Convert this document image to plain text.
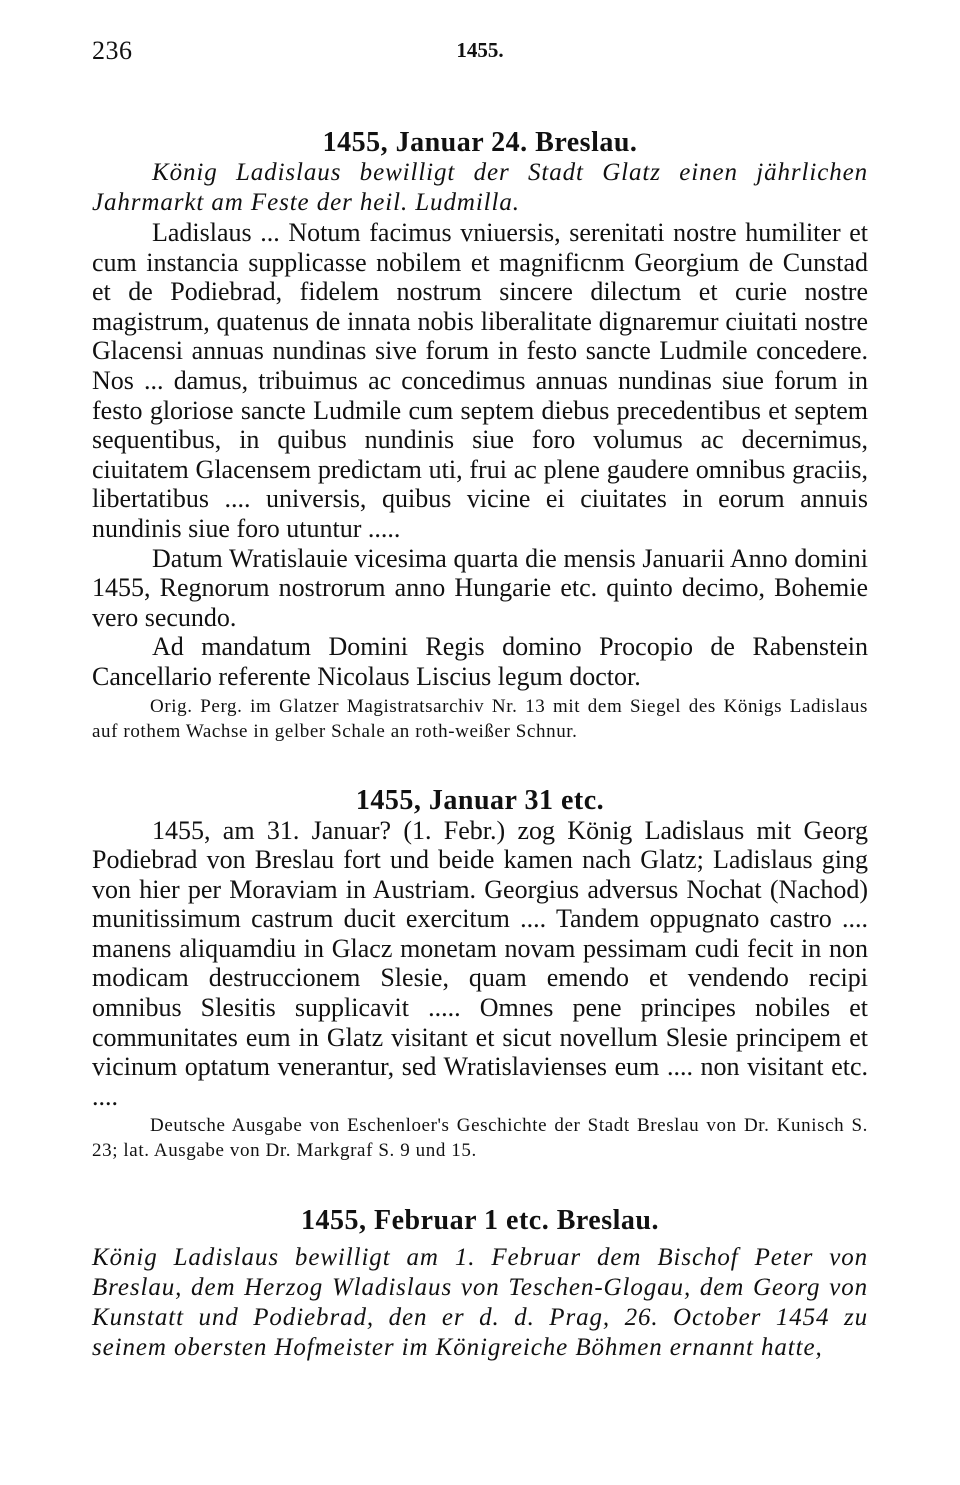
236	1455.
1455, Januar 24. Breslau.

König Ladislaus bewilligt der Stadt Glatz einen jährlichen Jahrmarkt am Feste der heil. Ludmilla.

Ladislaus ... Notum facimus vniuersis, serenitati nostre humiliter et cum instancia supplicasse nobilem et magnificnm Georgium de Cunstad et de Podiebrad, fidelem nostrum sincere dilectum et curie nostre magistrum, quatenus de innata nobis liberalitate dignaremur ciuitati nostre Glacensi annuas nundinas sive forum in festo sancte Ludmile concedere. Nos ... damus, tribuimus ac concedimus annuas nundinas siue forum in festo gloriose sancte Ludmile cum septem diebus precedentibus et septem sequentibus, in quibus nundinis siue foro volumus ac decernimus, ciuitatem Glacensem predictam uti, frui ac plene gaudere omnibus graciis, libertatibus .... universis, quibus vicine ei ciuitates in eorum annuis nundinis siue foro utuntur .....

Datum Wratislauie vicesima quarta die mensis Januarii Anno domini 1455, Regnorum nostrorum anno Hungarie etc. quinto decimo, Bohemie vero secundo.

Ad mandatum Domini Regis domino Procopio de Rabenstein Cancellario referente Nicolaus Liscius legum doctor.

Orig. Perg. im Glatzer Magistratsarchiv Nr. 13 mit dem Siegel des Königs Ladislaus auf rothem Wachse in gelber Schale an roth-weißer Schnur.

1455, Januar 31 etc.

1455, am 31. Januar? (1. Febr.) zog König Ladislaus mit Georg Podiebrad von Breslau fort und beide kamen nach Glatz; Ladislaus ging von hier per Moraviam in Austriam. Georgius adversus Nochat (Nachod) munitissimum castrum ducit exercitum .... Tandem oppugnato castro .... manens aliquamdiu in Glacz monetam novam pessimam cudi fecit in non modicam destruccionem Slesie, quam emendo et vendendo recipi omnibus Slesitis supplicavit ..... Omnes pene principes nobiles et communitates eum in Glatz visitant et sicut novellum Slesie principem et vicinum optatum venerantur, sed Wratislavienses eum .... non visitant etc. ....

Deutsche Ausgabe von Eschenloer's Geschichte der Stadt Breslau von Dr. Kunisch S. 23; lat. Ausgabe von Dr. Markgraf S. 9 und 15.

1455, Februar 1 etc. Breslau.

König Ladislaus bewilligt am 1. Februar dem Bischof Peter von Breslau, dem Herzog Wladislaus von Teschen-Glogau, dem Georg von Kunstatt und Podiebrad, den er d. d. Prag, 26. October 1454 zu seinem obersten Hofmeister im Königreiche Böhmen ernannt hatte,
